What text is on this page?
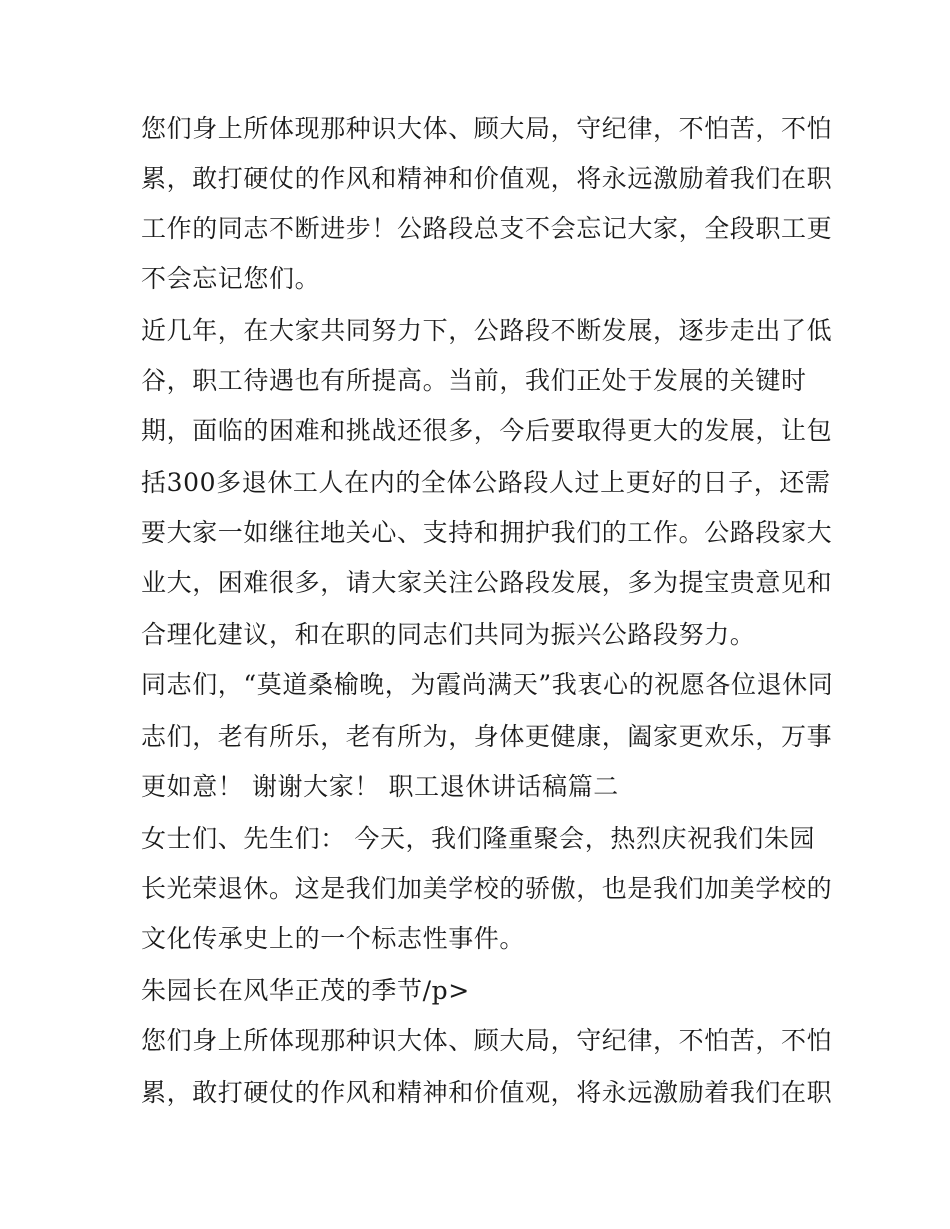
您们身上所体现那种识大体、顾大局，守纪律，不怕苦，不怕
累，敢打硬仗的作风和精神和价值观，将永远激励着我们在职
工作的同志不断进步！公路段总支不会忘记大家，全段职工更
不会忘记您们。
近几年，在大家共同努力下，公路段不断发展，逐步走出了低
谷，职工待遇也有所提高。当前，我们正处于发展的关键时
期，面临的困难和挑战还很多，今后要取得更大的发展，让包
括300多退休工人在内的全体公路段人过上更好的日子，还需
要大家一如继往地关心、支持和拥护我们的工作。公路段家大
业大，困难很多，请大家关注公路段发展，多为提宝贵意见和
合理化建议，和在职的同志们共同为振兴公路段努力。
同志们，“莫道桑榆晚，为霞尚满天”我衷心的祝愿各位退休同
志们，老有所乐，老有所为，身体更健康，阖家更欢乐，万事
更如意！ 谢谢大家！ 职工退休讲话稿篇二
女士们、先生们： 今天，我们隆重聚会，热烈庆祝我们朱园
长光荣退休。这是我们加美学校的骄傲，也是我们加美学校的
文化传承史上的一个标志性事件。
朱园长在风华正茂的季节/p>
您们身上所体现那种识大体、顾大局，守纪律，不怕苦，不怕
累，敢打硬仗的作风和精神和价值观，将永远激励着我们在职
